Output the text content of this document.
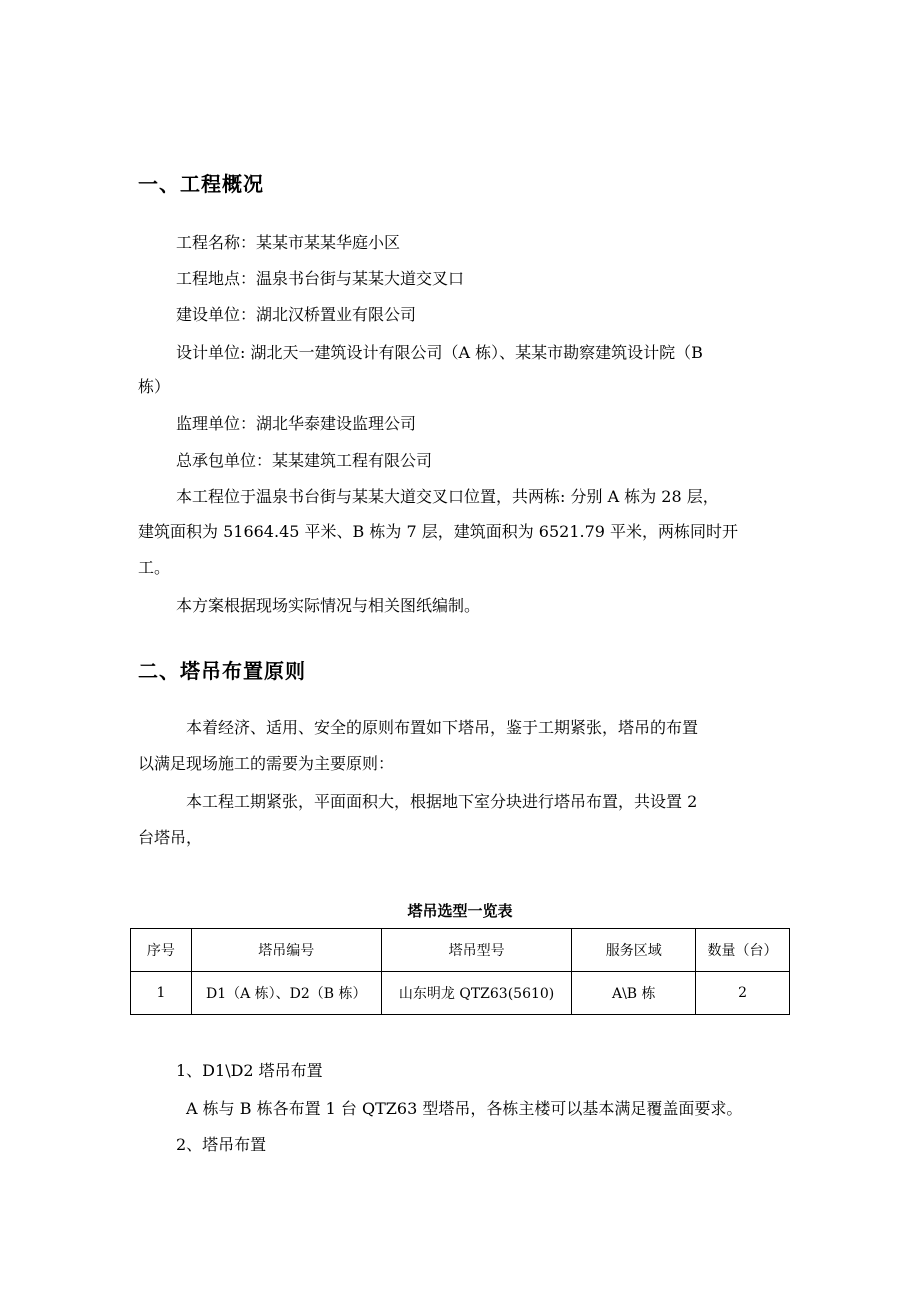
一、工程概况
工程名称：某某市某某华庭小区
工程地点：温泉书台街与某某大道交叉口
建设单位：湖北汉桥置业有限公司
设计单位: 湖北天一建筑设计有限公司（A 栋）、某某市勘察建筑设计院（B
栋）
监理单位：湖北华泰建设监理公司
总承包单位：某某建筑工程有限公司
本工程位于温泉书台街与某某大道交叉口位置，共两栋: 分别 A 栋为 28 层，
建筑面积为 51664.45 平米、B 栋为 7 层，建筑面积为 6521.79 平米，两栋同时开
工。
本方案根据现场实际情况与相关图纸编制。
二、塔吊布置原则
本着经济、适用、安全的原则布置如下塔吊，鉴于工期紧张，塔吊的布置
以满足现场施工的需要为主要原则：
本工程工期紧张，平面面积大，根据地下室分块进行塔吊布置，共设置 2
台塔吊，
塔吊选型一览表
序号	塔吊编号	塔吊型号	服务区域	数量（台）
1	D1（A 栋）、D2（B 栋）	山东明龙 QTZ63(5610)	A\B 栋	2
1、D1\D2 塔吊布置
A 栋与 B 栋各布置 1 台 QTZ63 型塔吊，各栋主楼可以基本满足覆盖面要求。
2、塔吊布置
